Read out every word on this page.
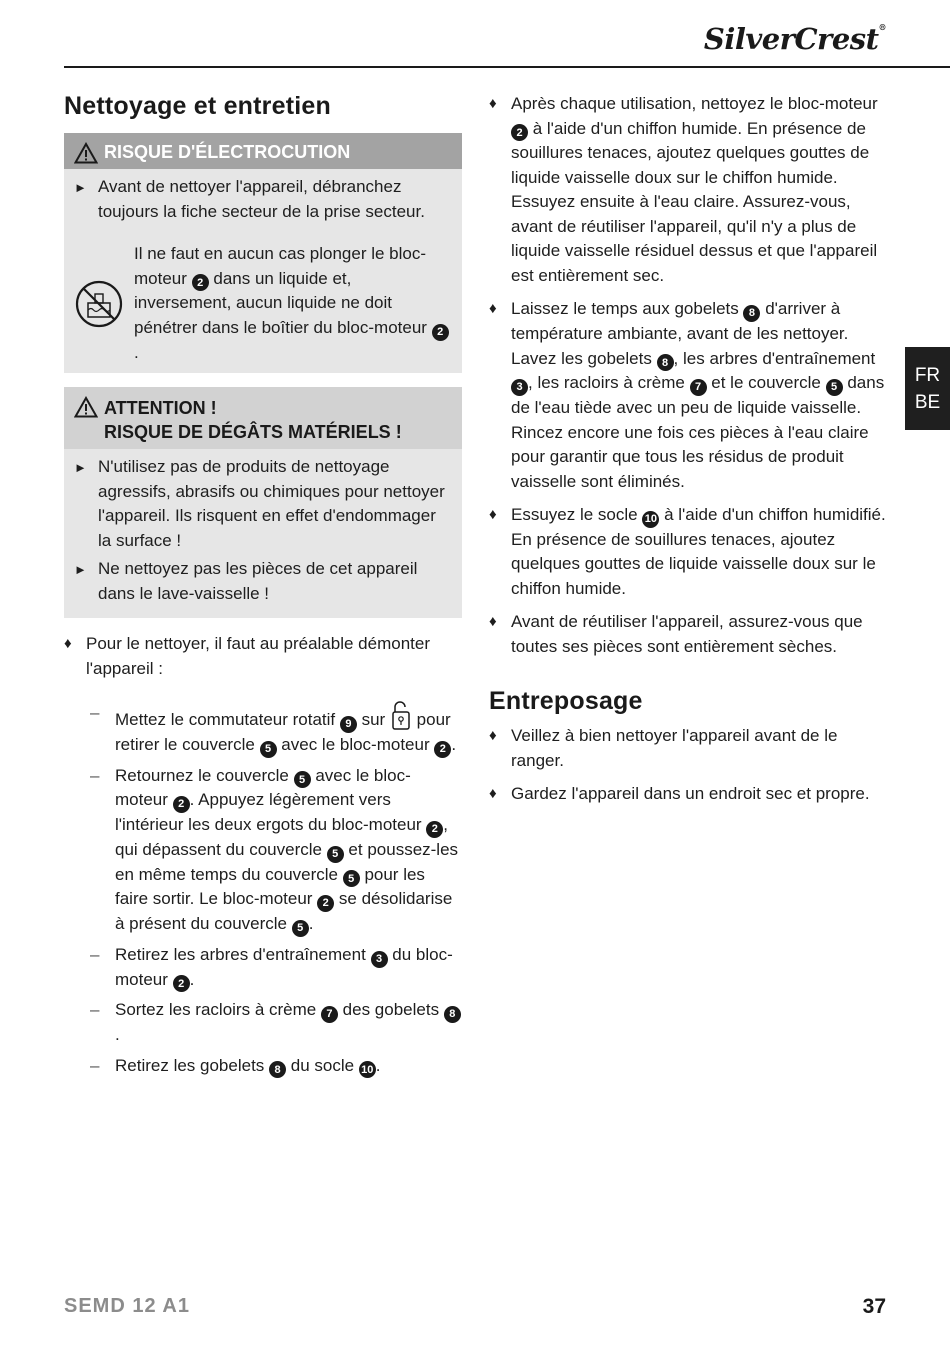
SilverCrest®
FR
BE
Nettoyage et entretien
RISQUE D'ÉLECTROCUTION
► Avant de nettoyer l'appareil, débranchez toujours la fiche secteur de la prise secteur.
Il ne faut en aucun cas plonger le bloc-moteur 2 dans un liquide et, inversement, aucun liquide ne doit pénétrer dans le boîtier du bloc-moteur 2.
ATTENTION !
RISQUE DE DÉGÂTS MATÉRIELS !
► N'utilisez pas de produits de nettoyage agressifs, abrasifs ou chimiques pour nettoyer l'appareil. Ils risquent en effet d'endommager la surface !
► Ne nettoyez pas les pièces de cet appareil dans le lave-vaisselle !
♦ Pour le nettoyer, il faut au préalable démonter l'appareil :
– Mettez le commutateur rotatif 9 sur  pour retirer le couvercle 5 avec le bloc-moteur 2 .
– Retournez le couvercle 5 avec le bloc-moteur 2 . Appuyez légèrement vers l'intérieur les deux ergots du bloc-moteur 2 , qui dépassent du couvercle 5 et poussez-les en même temps du couvercle 5 pour les faire sortir. Le bloc-moteur 2 se désolidarise à présent du couvercle 5 .
– Retirez les arbres d'entraînement 3 du bloc-moteur 2 .
– Sortez les racloirs à crème 7 des gobelets 8.
– Retirez les gobelets 8 du socle 10 .
♦ Après chaque utilisation, nettoyez le bloc-moteur 2 à l'aide d'un chiffon humide. En présence de souillures tenaces, ajoutez quelques gouttes de liquide vaisselle doux sur le chiffon humide. Essuyez ensuite à l'eau claire. Assurez-vous, avant de réutiliser l'appareil, qu'il n'y a plus de liquide vaisselle résiduel dessus et que l'appareil est entièrement sec.
♦ Laissez le temps aux gobelets 8 d'arriver à température ambiante, avant de les nettoyer. Lavez les gobelets 8 , les arbres d'entraînement 3 , les racloirs à crème 7 et le couvercle 5 dans de l'eau tiède avec un peu de liquide vaisselle. Rincez encore une fois ces pièces à l'eau claire pour garantir que tous les résidus de produit vaisselle sont éliminés.
♦ Essuyez le socle 10 à l'aide d'un chiffon humidifié. En présence de souillures tenaces, ajoutez quelques gouttes de liquide vaisselle doux sur le chiffon humide.
♦ Avant de réutiliser l'appareil, assurez-vous que toutes ses pièces sont entièrement sèches.
Entreposage
♦ Veillez à bien nettoyer l'appareil avant de le ranger.
♦ Gardez l'appareil dans un endroit sec et propre.
SEMD 12 A1	37
